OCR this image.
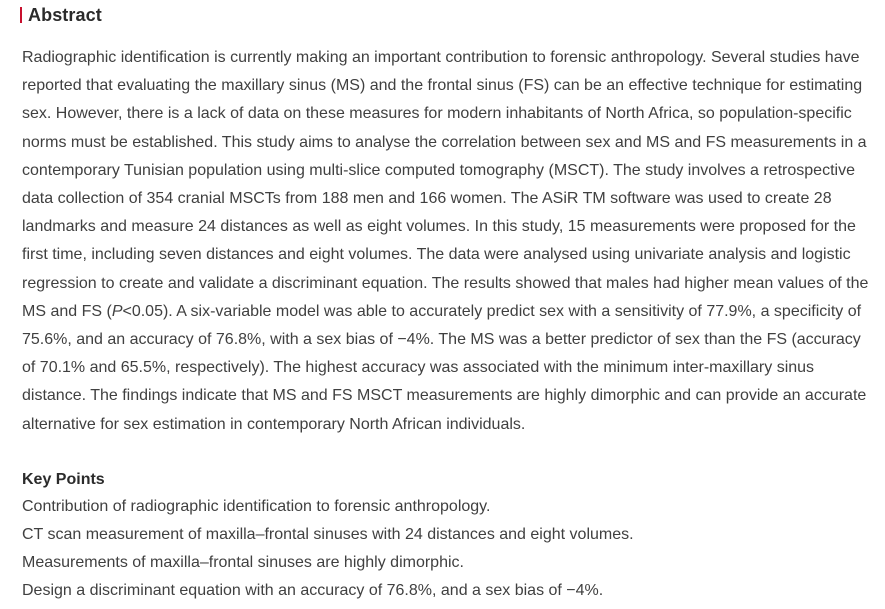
Abstract

Radiographic identification is currently making an important contribution to forensic anthropology. Several studies have reported that evaluating the maxillary sinus (MS) and the frontal sinus (FS) can be an effective technique for estimating sex. However, there is a lack of data on these measures for modern inhabitants of North Africa, so population-specific norms must be established. This study aims to analyse the correlation between sex and MS and FS measurements in a contemporary Tunisian population using multi-slice computed tomography (MSCT). The study involves a retrospective data collection of 354 cranial MSCTs from 188 men and 166 women. The ASiR TM software was used to create 28 landmarks and measure 24 distances as well as eight volumes. In this study, 15 measurements were proposed for the first time, including seven distances and eight volumes. The data were analysed using univariate analysis and logistic regression to create and validate a discriminant equation. The results showed that males had higher mean values of the MS and FS (P<0.05). A six-variable model was able to accurately predict sex with a sensitivity of 77.9%, a specificity of 75.6%, and an accuracy of 76.8%, with a sex bias of −4%. The MS was a better predictor of sex than the FS (accuracy of 70.1% and 65.5%, respectively). The highest accuracy was associated with the minimum inter-maxillary sinus distance. The findings indicate that MS and FS MSCT measurements are highly dimorphic and can provide an accurate alternative for sex estimation in contemporary North African individuals.

Key Points
Contribution of radiographic identification to forensic anthropology.
CT scan measurement of maxilla–frontal sinuses with 24 distances and eight volumes.
Measurements of maxilla–frontal sinuses are highly dimorphic.
Design a discriminant equation with an accuracy of 76.8%, and a sex bias of −4%.
